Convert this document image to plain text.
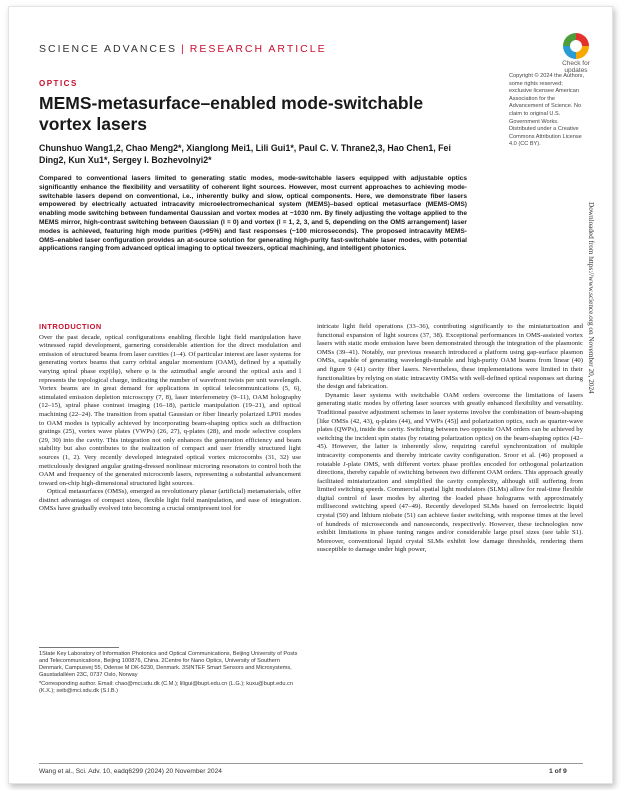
SCIENCE ADVANCES | RESEARCH ARTICLE
Check for
updates
OPTICS
MEMS-metasurface–enabled mode-switchable vortex lasers
Chunshuo Wang1,2, Chao Meng2*, Xianglong Mei1, Lili Gui1*, Paul C. V. Thrane2,3, Hao Chen1, Fei Ding2, Kun Xu1*, Sergey I. Bozhevolnyi2*
Copyright © 2024 the Authors, some rights reserved; exclusive licensee American Association for the Advancement of Science. No claim to original U.S. Government Works. Distributed under a Creative Commons Attribution License 4.0 (CC BY).
Compared to conventional lasers limited to generating static modes, mode-switchable lasers equipped with adjustable optics significantly enhance the flexibility and versatility of coherent light sources. However, most current approaches to achieving mode-switchable lasers depend on conventional, i.e., inherently bulky and slow, optical components. Here, we demonstrate fiber lasers empowered by electrically actuated intracavity microelectromechanical system (MEMS)–based optical metasurface (MEMS-OMS) enabling mode switching between fundamental Gaussian and vortex modes at ~1030 nm. By finely adjusting the voltage applied to the MEMS mirror, high-contrast switching between Gaussian (l = 0) and vortex (l = 1, 2, 3, and 5, depending on the OMS arrangement) laser modes is achieved, featuring high mode purities (>95%) and fast responses (~100 microseconds). The proposed intracavity MEMS-OMS–enabled laser configuration provides an at-source solution for generating high-purity fast-switchable laser modes, with potential applications ranging from advanced optical imaging to optical tweezers, optical machining, and intelligent photonics.	Downloaded from https://www.science.org on November 20, 2024
INTRODUCTION

Over the past decade, optical configurations enabling flexible light field manipulation have witnessed rapid development, garnering considerable attention for the direct modulation and emission of structured beams from laser cavities (1–4). Of particular interest are laser systems for generating vortex beams that carry orbital angular momentum (OAM), defined by a spatially varying spiral phase exp(ilφ), where φ is the azimuthal angle around the optical axis and l represents the topological charge, indicating the number of wavefront twists per unit wavelength. Vortex beams are in great demand for applications in optical telecommunications (5, 6), stimulated emission depletion microscopy (7, 8), laser interferometry (9–11), OAM holography (12–15), spiral phase contrast imaging (16–18), particle manipulation (19–21), and optical machining (22–24). The transition from spatial Gaussian or fiber linearly polarized LP01 modes to OAM modes is typically achieved by incorporating beam-shaping optics such as diffraction gratings (25), vortex wave plates (VWPs) (26, 27), q-plates (28), and mode selective couplers (29, 30) into the cavity. This integration not only enhances the generation efficiency and beam stability but also contributes to the realization of compact and user friendly structured light sources (1, 2). Very recently developed integrated optical vortex microcombs (31, 32) use meticulously designed angular grating-dressed nonlinear microring resonators to control both the OAM and frequency of the generated microcomb lasers, representing a substantial advancement toward on-chip high-dimensional structured light sources.

Optical metasurfaces (OMSs), emerged as revolutionary planar (artificial) metamaterials, offer distinct advantages of compact sizes, flexible light field manipulation, and ease of integration. OMSs have gradually evolved into becoming a crucial omnipresent tool for

intricate light field operations (33–36), contributing significantly to the miniaturization and functional expansion of light sources (37, 38). Exceptional performances in OMS-assisted vortex lasers with static mode emission have been demonstrated through the integration of the plasmonic OMSs (39–41). Notably, our previous research introduced a platform using gap-surface plasmon OMSs, capable of generating wavelength-tunable and high-purity OAM beams from linear (40) and figure 9 (41) cavity fiber lasers. Nevertheless, these implementations were limited in their functionalities by relying on static intracavity OMSs with well-defined optical responses set during the design and fabrication.

Dynamic laser systems with switchable OAM orders overcome the limitations of lasers generating static modes by offering laser sources with greatly enhanced flexibility and versatility. Traditional passive adjustment schemes in laser systems involve the combination of beam-shaping [like OMSs (42, 43), q-plates (44), and VWPs (45)] and polarization optics, such as quarter-wave plates (QWPs), inside the cavity. Switching between two opposite OAM orders can be achieved by switching the incident spin states (by rotating polarization optics) on the beam-shaping optics (42–45). However, the latter is inherently slow, requiring careful synchronization of multiple intracavity components and thereby intricate cavity configuration. Sroor et al. (46) proposed a rotatable J-plate OMS, with different vortex phase profiles encoded for orthogonal polarization directions, thereby capable of switching between two different OAM orders. This approach greatly facilitated miniaturization and simplified the cavity complexity, although still suffering from limited switching speeds. Commercial spatial light modulators (SLMs) allow for real-time flexible digital control of laser modes by altering the loaded phase holograms with approximately millisecond switching speed (47–49). Recently developed SLMs based on ferroelectric liquid crystal (50) and lithium niobate (51) can achieve faster switching, with response times at the level of hundreds of microseconds and nanoseconds, respectively. However, these technologies now exhibit limitations in phase tuning ranges and/or considerable large pixel sizes (see table S1). Moreover, conventional liquid crystal SLMs exhibit low damage thresholds, rendering them susceptible to damage under high power,

1State Key Laboratory of Information Photonics and Optical Communications, Beijing University of Posts and Telecommunications, Beijing 100876, China. 2Centre for Nano Optics, University of Southern Denmark, Campusvej 55, Odense M DK-5230, Denmark. 3SINTEF Smart Sensors and Microsystems, Gaustadalléen 23C, 0737 Oslo, Norway

*Corresponding author. Email: chao@mci.sdu.dk (C.M.); liligui@bupt.edu.cn (L.G.); kuxu@bupt.edu.cn (K.X.); seib@mci.sdu.dk (S.I.B.)

Wang et al., Sci. Adv. 10, eadq6299 (2024) 20 November 2024	1 of 9
